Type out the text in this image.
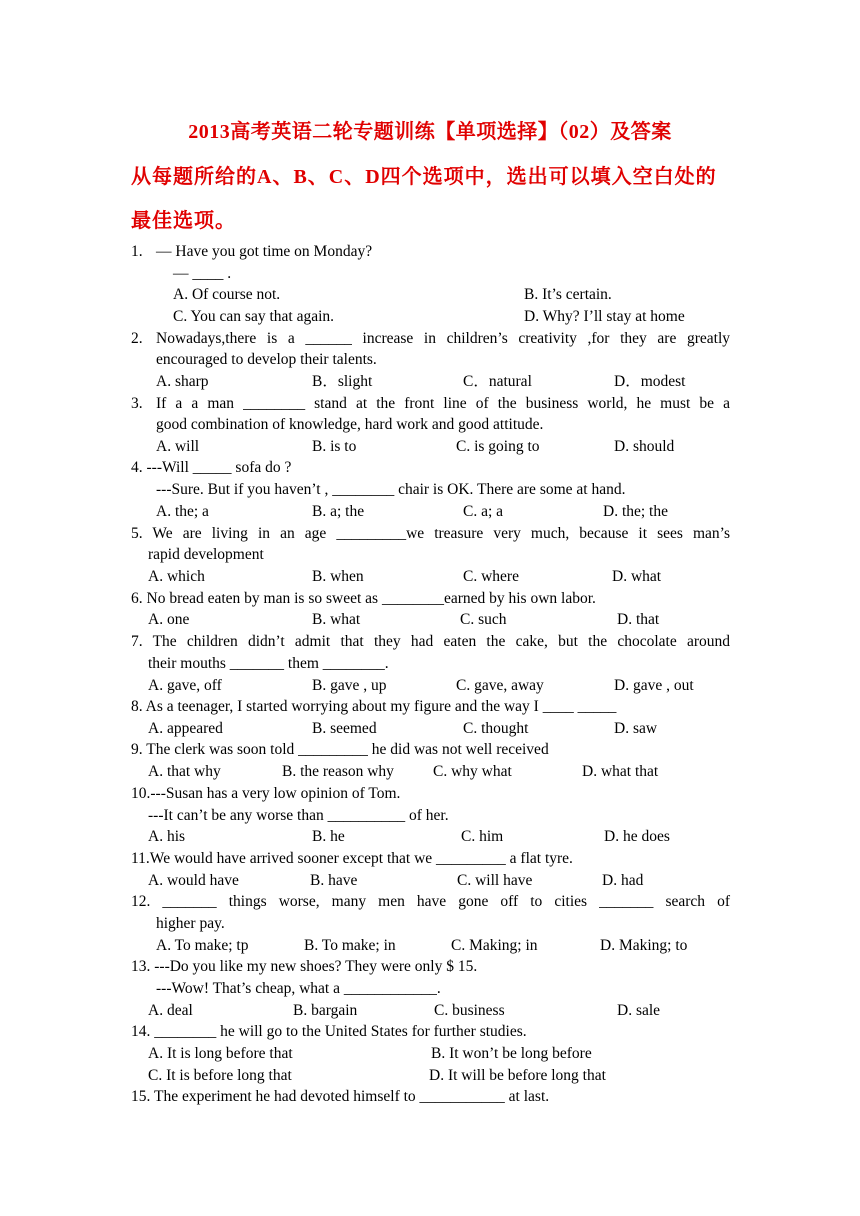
2013高考英语二轮专题训练【单项选择】（02）及答案
从每题所给的A、B、C、D四个选项中，选出可以填入空白处的
最佳选项。
1. — Have you got time on Monday?
— ____ .
A. Of course not.	B. It’s certain.
C. You can say that again.	D. Why? I’ll stay at home
2. Nowadays,there is a ______ increase in children’s creativity ,for they are greatly
encouraged to develop their talents.
A. sharp	B．slight	C．natural	D．modest
3. If a a man ________ stand at the front line of the business world, he must be a
good combination of knowledge, hard work and good attitude.
A. will	B. is to	C. is going to	D. should
4. ---Will _____ sofa do ?
---Sure. But if you haven’t , ________ chair is OK. There are some at hand.
A. the; a	B. a; the	C. a; a	D. the; the
5. We are living in an age _________we treasure very much, because it sees man’s
rapid development
A. which	B. when	C. where	D. what
6. No bread eaten by man is so sweet as ________earned by his own labor.
A. one	B. what	C. such	D. that
7. The children didn’t admit that they had eaten the cake, but the chocolate around
their mouths _______ them ________.
A. gave, off	B. gave , up	C. gave, away	D. gave , out
8. As a teenager, I started worrying about my figure and the way I ____ _____
A. appeared	B. seemed	C. thought	D. saw
9. The clerk was soon told _________ he did was not well received
A. that why	B. the reason why	C. why what	D. what that
10.---Susan has a very low opinion of Tom.
---It can’t be any worse than __________ of her.
A. his	B. he	C. him	D. he does
11.We would have arrived sooner except that we _________ a flat tyre.
A. would have	B. have	C. will have	D. had
12. _______ things worse, many men have gone off to cities _______ search of
higher pay.
A. To make; tp	B. To make; in	C. Making; in	D. Making; to
13. ---Do you like my new shoes? They were only $ 15.
---Wow! That’s cheap, what a ____________.
A. deal	B. bargain	C. business	D. sale
14. ________ he will go to the United States for further studies.
A. It is long before that	B. It won’t be long before
C. It is before long that	D. It will be before long that
15. The experiment he had devoted himself to ___________ at last.
